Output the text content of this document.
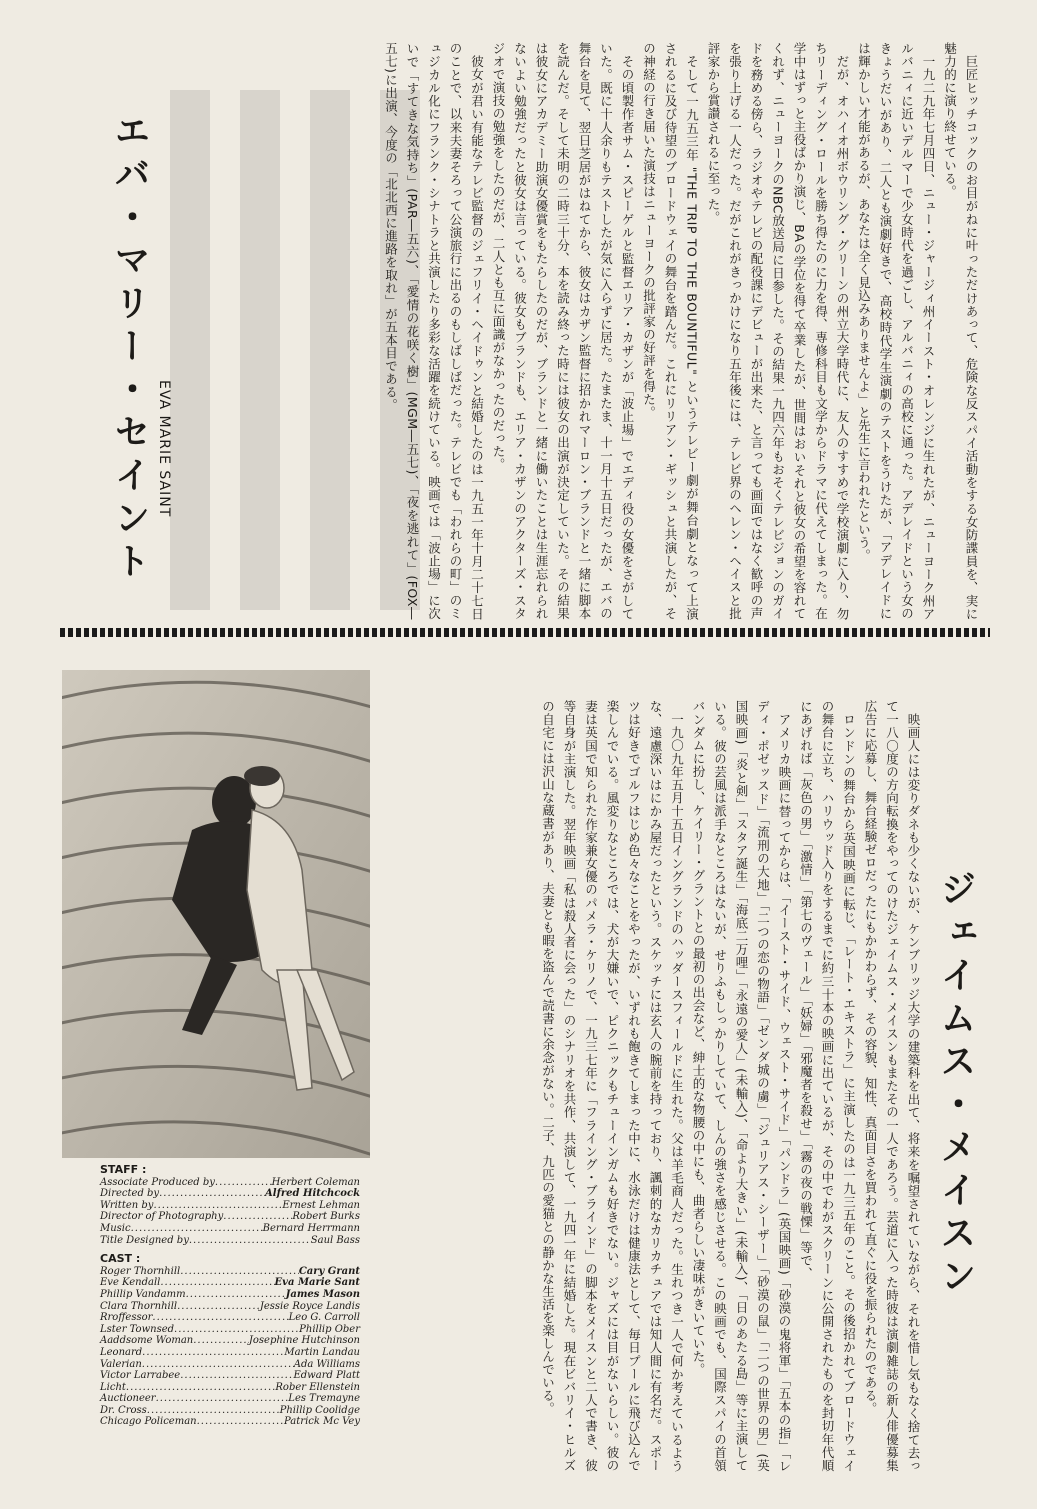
巨匠ヒッチコックのお目がねに叶っただけあって、危険な反スパイ活動をする女防諜員を、実に魅力的に演り終せている。

一九二九年七月四日、ニュー・ジャージィ州イースト・オレンジに生れたが、ニューヨーク州アルバニィに近いデルマーで少女時代を過ごし、アルバニィの高校に通った。アデレイドという女のきょうだいがあり、二人とも演劇好きで、高校時代学生演劇のテストをうけたが、「アデレイドには輝かしい才能があるが、あなたは全く見込みありませんよ」と先生に言われたという。

だが、オハイオ州ボウリング・グリーンの州立大学時代に、友人のすすめで学校演劇に入り、勿ちリーディング・ロールを勝ち得たのに力を得、専修科目も文学からドラマに代えてしまった。在学中はずっと主役ばかり演じ、BAの学位を得て卒業したが、世間はおいそれと彼女の希望を容れてくれず、ニューヨークのNBC放送局に日参した。その結果一九四六年もおそくテレビジョンのガイドを務める傍ら、ラジオやテレビの配役課にデビューが出来た、と言っても画面ではなく歓呼の声を張り上げる一人だった。だがこれがきっかけになり五年後には、テレビ界のヘレン・ヘイスと批評家から賞讃されるに至った。

そして一九五三年 "THE TRIP TO THE BOUNTIFUL" というテレビー劇が舞台劇となって上演されるに及び待望のブロードウェイの舞台を踏んだ。これにリリアン・ギッシュと共演したが、その神経の行き届いた演技はニューヨークの批評家の好評を得た。

その頃製作者サム・スピーゲルと監督エリア・カザンが「波止場」でエディ役の女優をさがしていた。既に十人余りもテストしたが気に入らずに居た。たまたま、十一月十五日だったが、エバの舞台を見て、翌日芝居がはねてから、彼女はカザン監督に招かれマーロン・ブランドと一緒に脚本を読んだ。そして未明の二時三十分、本を読み終った時には彼女の出演が決定していた。その結果は彼女にアカデミー助演女優賞をもたらしたのだが、ブランドと一緒に働いたことは生涯忘れられないよい勉強だったと彼女は言っている。彼女もブランドも、エリア・カザンのアクターズ・スタジオで演技の勉強をしたのだが、二人とも互に面識がなかったのだった。

彼女が君い有能なテレビ監督のジェフリイ・ヘイドゥンと結婚したのは一九五一年十月二十七日のことで、以来夫妻そろって公演旅行に出るのもしばしばだった。テレビでも「われらの町」のミュジカル化にフランク・シナトラと共演したり多彩な活躍を続けている。映画では「波止場」に次いで「すてきな気持ち」(PAR―五六)、「愛情の花咲く樹」(MGM―五七)、「夜を逃れて」(FOX―五七)に出演、今度の「北北西に進路を取れ」が五本目である。

エバ・マリー・セイント EVA MARIE SAINT
ジェイムス・メイスン

映画人には変りダネも少くないが、ケンブリッジ大学の建築科を出て、将来を嘱望されていながら、それを惜し気もなく捨て去って一八〇度の方向転換をやってのけたジェイムス・メイスンもまたその一人であろう。芸道に入った時彼は演劇雑誌の新人俳優募集広告に応募し、舞台経験ゼロだったにもかかわらず、その容貌、知性、真面目さを買われて直ぐに役を振られたのである。

ロンドンの舞台から英国映画に転じ、「レート・エキストラ」に主演したのは一九三五年のこと。その後招かれてブロードウェイの舞台に立ち、ハリウッド入りをするまでに約三十本の映画に出ているが、その中でわがスクリーンに公開されたものを封切年代順にあげれば「灰色の男」「激情」「第七のヴェール」「妖婦」「邪魔者を殺せ」「霧の夜の戦慄」等で、

アメリカ映画に替ってからは、「イースト・サイド、ウェスト・サイド」「パンドラ」(英国映画)「砂漠の鬼将軍」「五本の指」「レディ・ポゼッスド」「流刑の大地」「二つの恋の物語」「ゼンダ城の虜」「ジュリアス・シーザー」「砂漠の鼠」「二つの世界の男」(英国映画)「炎と剣」「スタア誕生」「海底二万哩」「永遠の愛人」(未輸入)、「命より大きい」(未輸入)、「日のあたる島」等に主演している。彼の芸風は派手なところはないが、せりふもしっかりしていて、しんの強さを感じさせる。この映画でも、国際スパイの首領バンダムに扮し、ケイリー・グラントとの最初の出会など、紳士的な物腰の中にも、曲者らしい凄味がきいていた。

一九〇九年五月十五日イングランドのハッダースフィールドに生れた。父は羊毛商人だった。生れつき一人で何か考えているような、遠慮深いはにかみ屋だったという。スケッチには玄人の腕前を持っており、諷刺的なカリカチュアでは知人間に有名だ。スポーツは好きでゴルフはじめ色々なことをやったが、いずれも飽きてしまった中に、水泳だけは健康法として、毎日プールに飛び込んで楽しんでいる。風変りなところでは、犬が大嫌いで、ピクニックもチューインガムも好きでない。ジャズには目がないらしい。彼の妻は英国で知られた作家兼女優のパメラ・ケリノで、一九三七年に「フライング・ブラインド」の脚本をメイスンと二人で書き、彼等自身が主演した。翌年映画「私は殺人者に会った」のシナリオを共作、共演して、一九四一年に結婚した。現在ビバリイ・ヒルズの自宅には沢山な蔵書があり、夫妻とも暇を盗んで読書に余念がない。二子、九匹の愛猫との静かな生活を楽しんでいる。

STAFF :
Associate Produced by .....	Herbert Coleman
Directed by .....	Alfred Hitchcock
Written by .....	Ernest Lehman
Director of Photography .....	Robert Burks
Music .....	Bernard Herrmann
Title Designed by .....	Saul Bass
CAST :
Roger Thornhill .....	Cary Grant
Eve Kendall .....	Eva Marie Sant
Phillip Vandamm .....	James Mason
Clara Thornhill .....	Jessie Royce Landis
Rroffessor .....	Leo G. Carroll
Lster Townsed .....	Phillip Ober
Aaddsome Woman .....	Josephine Hutchinson
Leonard .....	Martin Landau
Valerian .....	Ada Williams
Victor Larrabee .....	Edward Platt
Licht .....	Rober Ellenstein
Auctioneer .....	Les Tremayne
Dr. Cross .....	Phillip Coolidge
Chicago Policeman .....	Patrick Mc Vey
